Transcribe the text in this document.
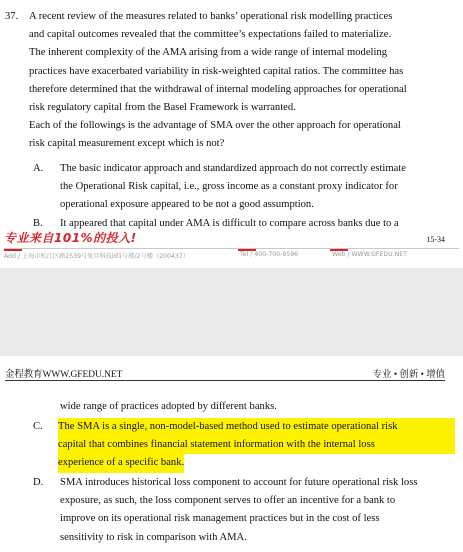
37. A recent review of the measures related to banks’ operational risk modelling practices
and capital outcomes revealed that the committee’s expectations failed to materialize.
The inherent complexity of the AMA arising from a wide range of internal modeling
practices have exacerbated variability in risk-weighted capital ratios. The committee has
therefore determined that the withdrawal of internal modeling approaches for operational
risk regulatory capital from the Basel Framework is warranted.
Each of the followings is the advantage of SMA over the other approach for operational
risk capital measurement except which is not?
A. The basic indicator approach and standardized approach do not correctly estimate
the Operational Risk capital, i.e., gross income as a constant proxy indicator for
operational exposure appeared to be not a good assumption.
B. It appeared that capital under AMA is difficult to compare across banks due to a
15-34
专业来自101%的投入!
Add / 上海市松江区路2539号复旦科技园1号楼/2号楼（200437）	Tel / 400-700-9596	Web / WWW.GFEDU.NET
金程教育WWW.GFEDU.NET	专业 • 创新 • 增值
wide range of practices adopted by different banks.
C. The SMA is a single, non-model-based method used to estimate operational risk
capital that combines financial statement information with the internal loss
experience of a specific bank.
D. SMA introduces historical loss component to account for future operational risk loss
exposure, as such, the loss component serves to offer an incentive for a bank to
improve on its operational risk management practices but in the cost of less
sensitivity to risk in comparison with AMA.
